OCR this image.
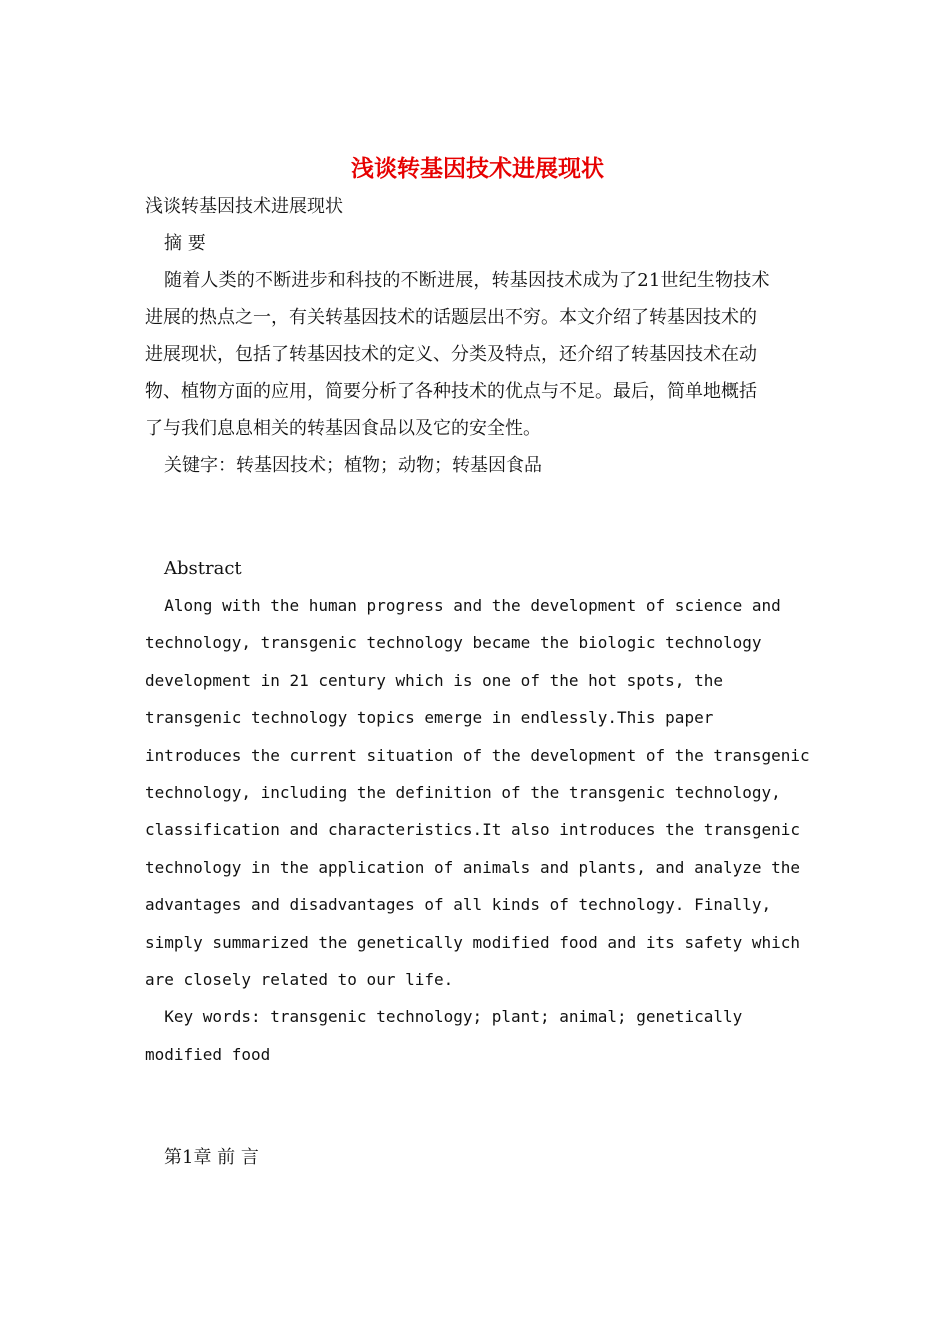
浅谈转基因技术进展现状

浅谈转基因技术进展现状

摘 要

随着人类的不断进步和科技的不断进展，转基因技术成为了21世纪生物技术

进展的热点之一，有关转基因技术的话题层出不穷。本文介绍了转基因技术的

进展现状，包括了转基因技术的定义、分类及特点，还介绍了转基因技术在动

物、植物方面的应用，简要分析了各种技术的优点与不足。最后，简单地概括

了与我们息息相关的转基因食品以及它的安全性。

关键字：转基因技术；植物；动物；转基因食品

Abstract

Along with the human progress and the development of science and

technology, transgenic technology became the biologic technology

development in 21 century which is one of the hot spots, the

transgenic technology topics emerge in endlessly.This paper

introduces the current situation of the development of the transgenic

technology, including the definition of the transgenic technology,

classification and characteristics.It also introduces the transgenic

technology in the application of animals and plants, and analyze the

advantages and disadvantages of all kinds of technology. Finally,

simply summarized the genetically modified food and its safety which

are closely related to our life.

Key words: transgenic technology; plant; animal; genetically

modified food

第1章 前 言
